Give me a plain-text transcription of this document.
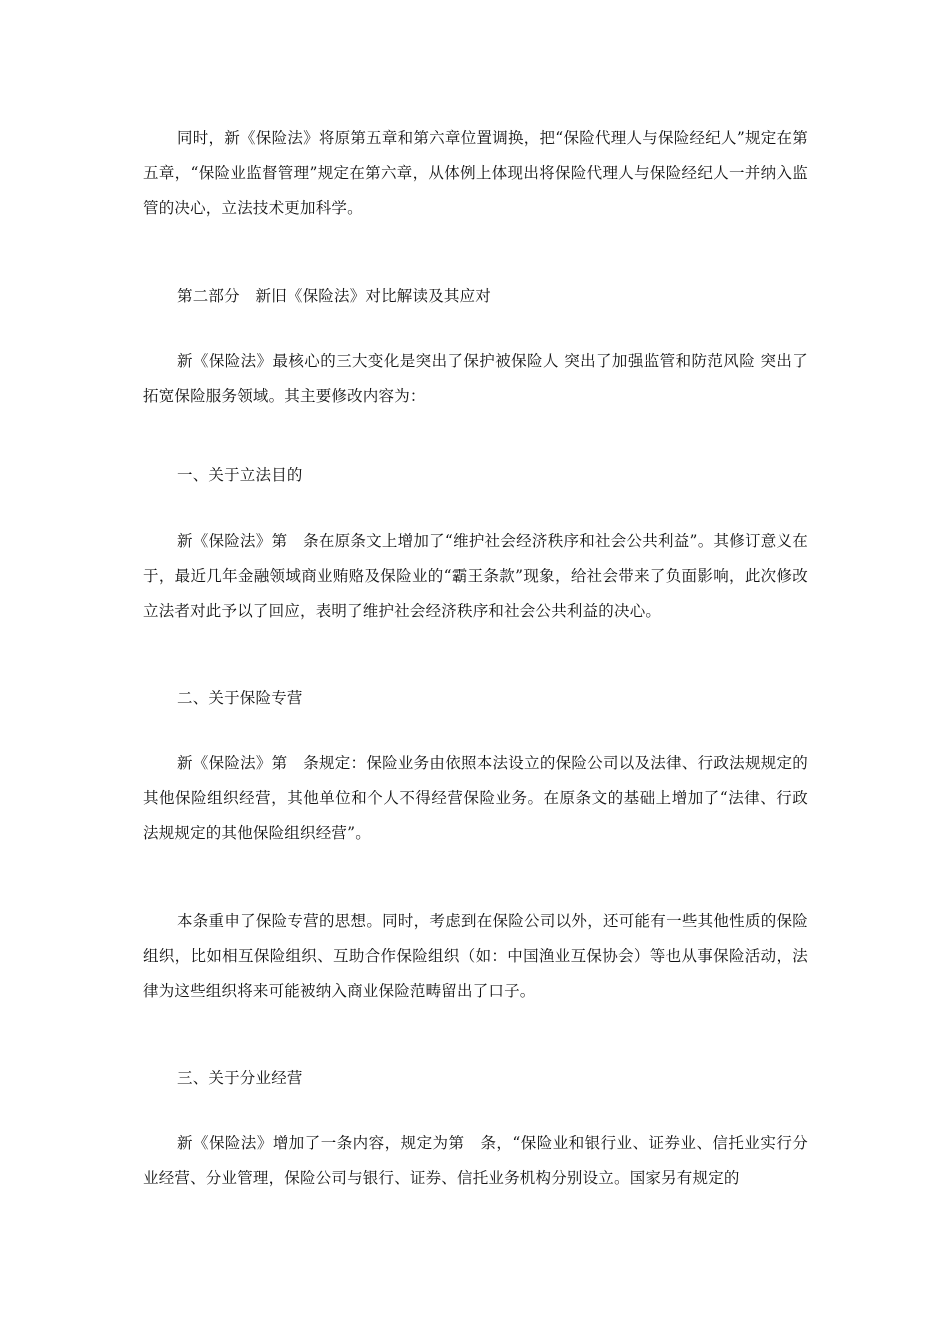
同时，新《保险法》将原第五章和第六章位置调换，把“保险代理人与保险经纪人”规定在第五章，“保险业监督管理”规定在第六章，从体例上体现出将保险代理人与保险经纪人一并纳入监管的决心，立法技术更加科学。

第二部分　新旧《保险法》对比解读及其应对

新《保险法》最核心的三大变化是突出了保护被保险人 突出了加强监管和防范风险 突出了拓宽保险服务领域。其主要修改内容为：

一、关于立法目的

新《保险法》第　条在原条文上增加了“维护社会经济秩序和社会公共利益”。其修订意义在于，最近几年金融领域商业贿赂及保险业的“霸王条款”现象，给社会带来了负面影响，此次修改立法者对此予以了回应，表明了维护社会经济秩序和社会公共利益的决心。

二、关于保险专营

新《保险法》第　条规定：保险业务由依照本法设立的保险公司以及法律、行政法规规定的其他保险组织经营，其他单位和个人不得经营保险业务。在原条文的基础上增加了“法律、行政法规规定的其他保险组织经营”。

本条重申了保险专营的思想。同时，考虑到在保险公司以外，还可能有一些其他性质的保险组织，比如相互保险组织、互助合作保险组织（如：中国渔业互保协会）等也从事保险活动，法律为这些组织将来可能被纳入商业保险范畴留出了口子。

三、关于分业经营

新《保险法》增加了一条内容，规定为第　条，“保险业和银行业、证券业、信托业实行分业经营、分业管理，保险公司与银行、证券、信托业务机构分别设立。国家另有规定的
